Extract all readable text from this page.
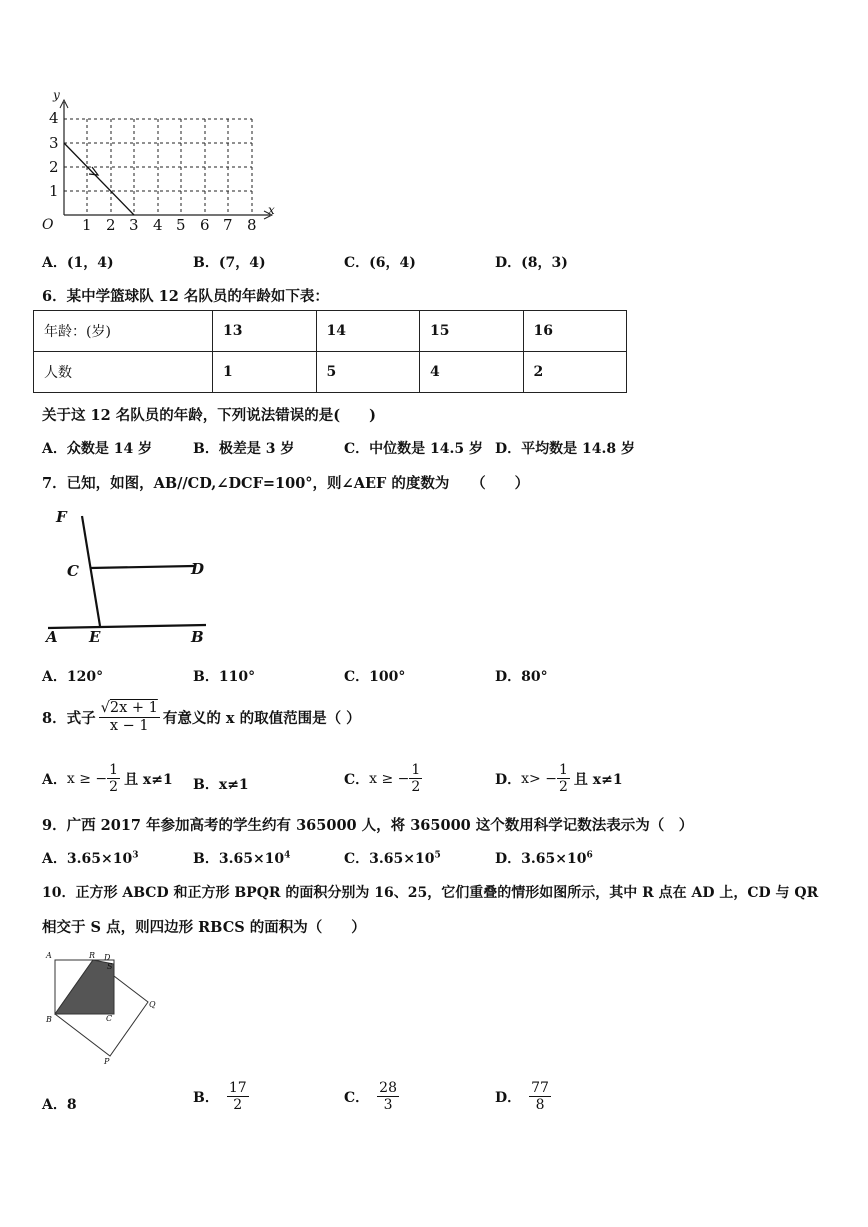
y
x
O
1
2
3
4
1 2 3 4 5 6 7 8
A．(1，4)	B．(7，4)	C．(6，4)	D．(8，3)
6．某中学篮球队 12 名队员的年龄如下表：
年龄：(岁)	13	14	15	16
人数	1	5	4	2
关于这 12 名队员的年龄，下列说法错误的是(　　)
A．众数是 14 岁	B．极差是 3 岁	C．中位数是 14.5 岁 D．平均数是 14.8 岁
7．已知，如图，AB//CD,∠DCF=100°，则∠AEF 的度数为　　（　　）
F
C	D
A E	B
A．120°	B．110°	C．100°	D．80°
8．式子 $\frac{√2x + 1}{x - 1}$ 有意义的 x 的取值范围是（ ）
A． x ≥ − $\frac{1}{2}$ 且 x≠1 B．x≠1	C． x ≥ − $\frac{1}{2}$	D． $x> - \frac{1}{2}$ 且 x≠1
9．广西 2017 年参加高考的学生约有 365000 人，将 365000 这个数用科学记数法表示为（　）
A．$3.65\times 10^3$	B．$3.65\times 10^4$	C．$3.65\times 10^5$	D．$3.65\times 10^6$
10．正方形 ABCD 和正方形 BPQR 的面积分别为 16、25，它们重叠的情形如图所示，其中 R 点在 AD 上，CD 与 QR
相交于 S 点，则四边形 RBCS 的面积为（　　）
A	R
S
D
B	C
Q
P
A．8	B． $\frac{17}{2}$	C． $\frac{28}{3}$	D． $\frac{77}{8}$
